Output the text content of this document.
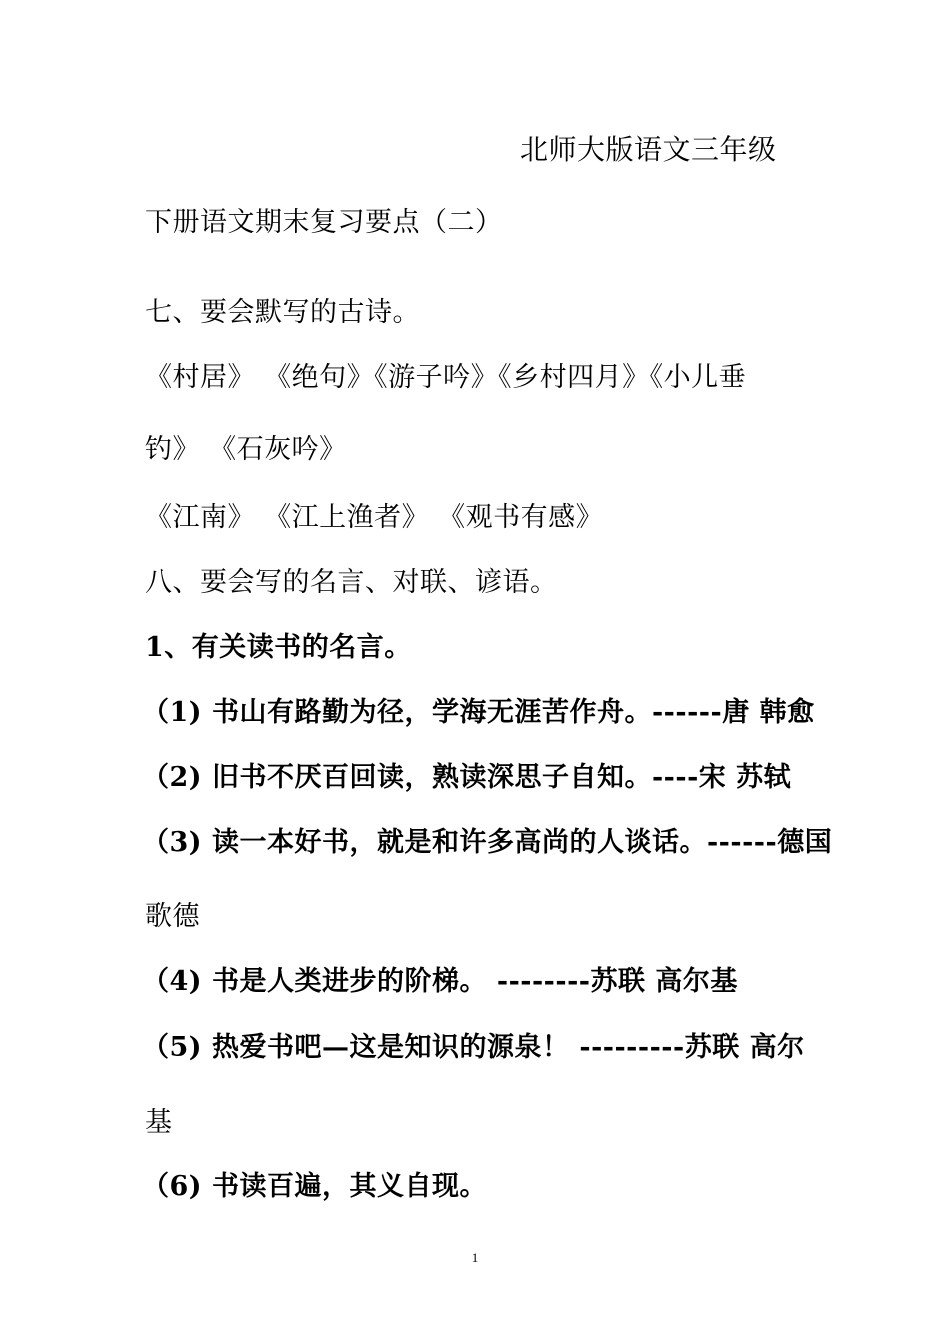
北师大版语文三年级
下册语文期末复习要点（二）
七、要会默写的古诗。
《村居》 《绝句》《游子吟》《乡村四月》《小儿垂
钓》 《石灰吟》
《江南》 《江上渔者》 《观书有感》
八、要会写的名言、对联、谚语。
1、有关读书的名言。
（1) 书山有路勤为径，学海无涯苦作舟。------唐 韩愈
（2) 旧书不厌百回读，熟读深思子自知。----宋 苏轼
（3) 读一本好书，就是和许多高尚的人谈话。------德国
歌德
（4) 书是人类进步的阶梯。 --------苏联 高尔基
（5) 热爱书吧—这是知识的源泉！ ---------苏联 高尔
基
（6) 书读百遍，其义自现。
1
